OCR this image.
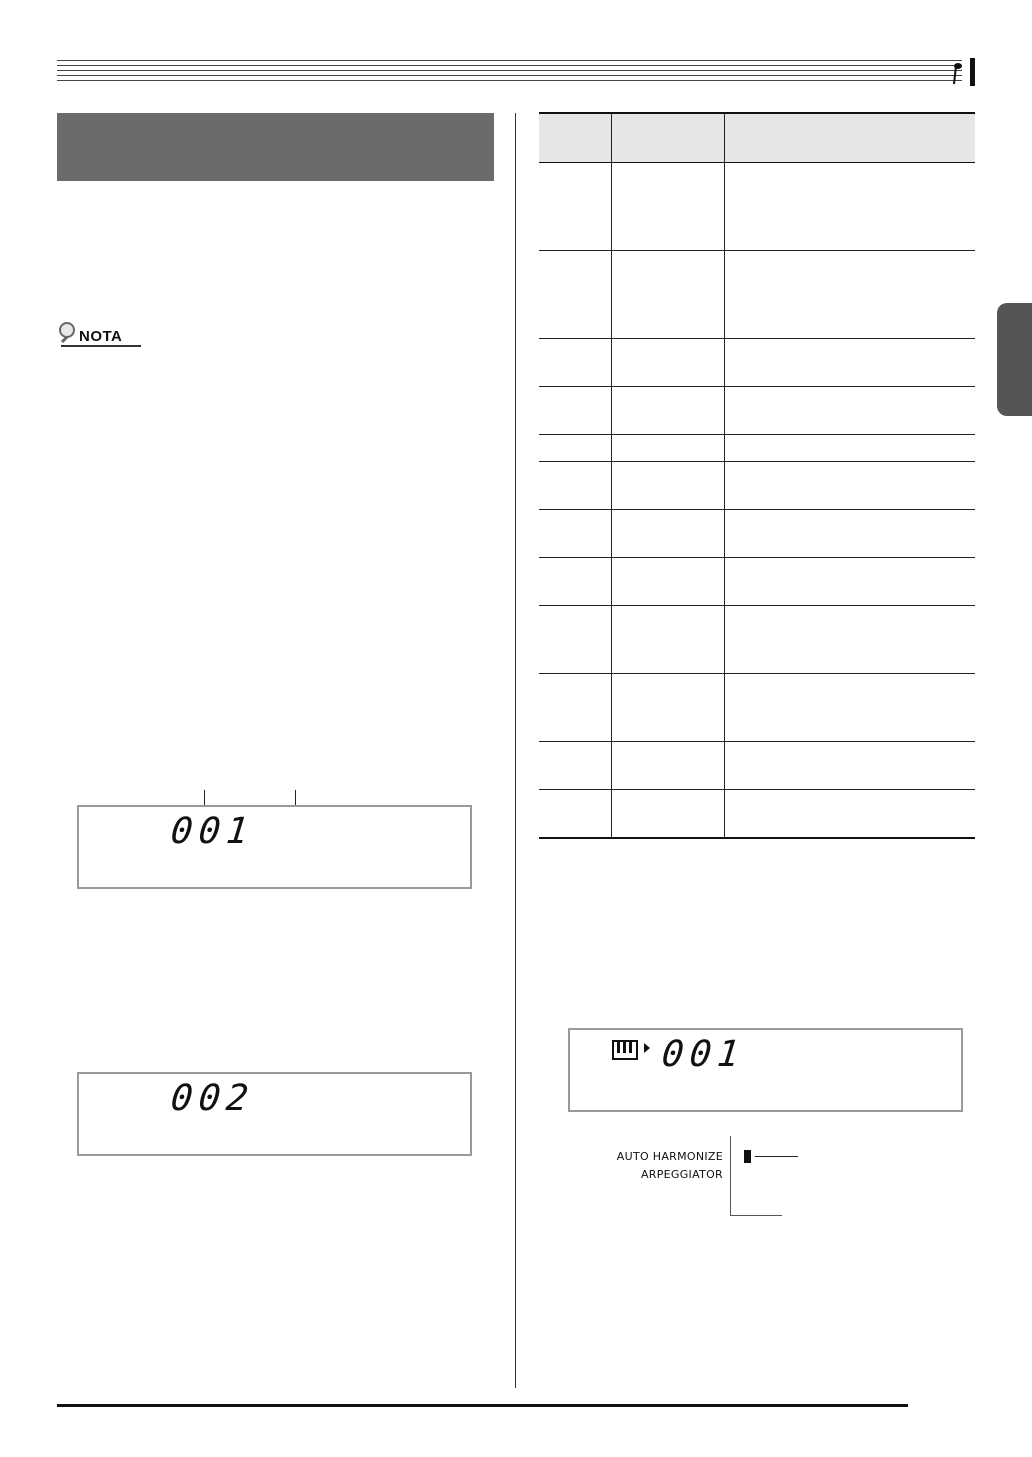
NOTA
001
002

001
AUTO HARMONIZE
ARPEGGIATOR
